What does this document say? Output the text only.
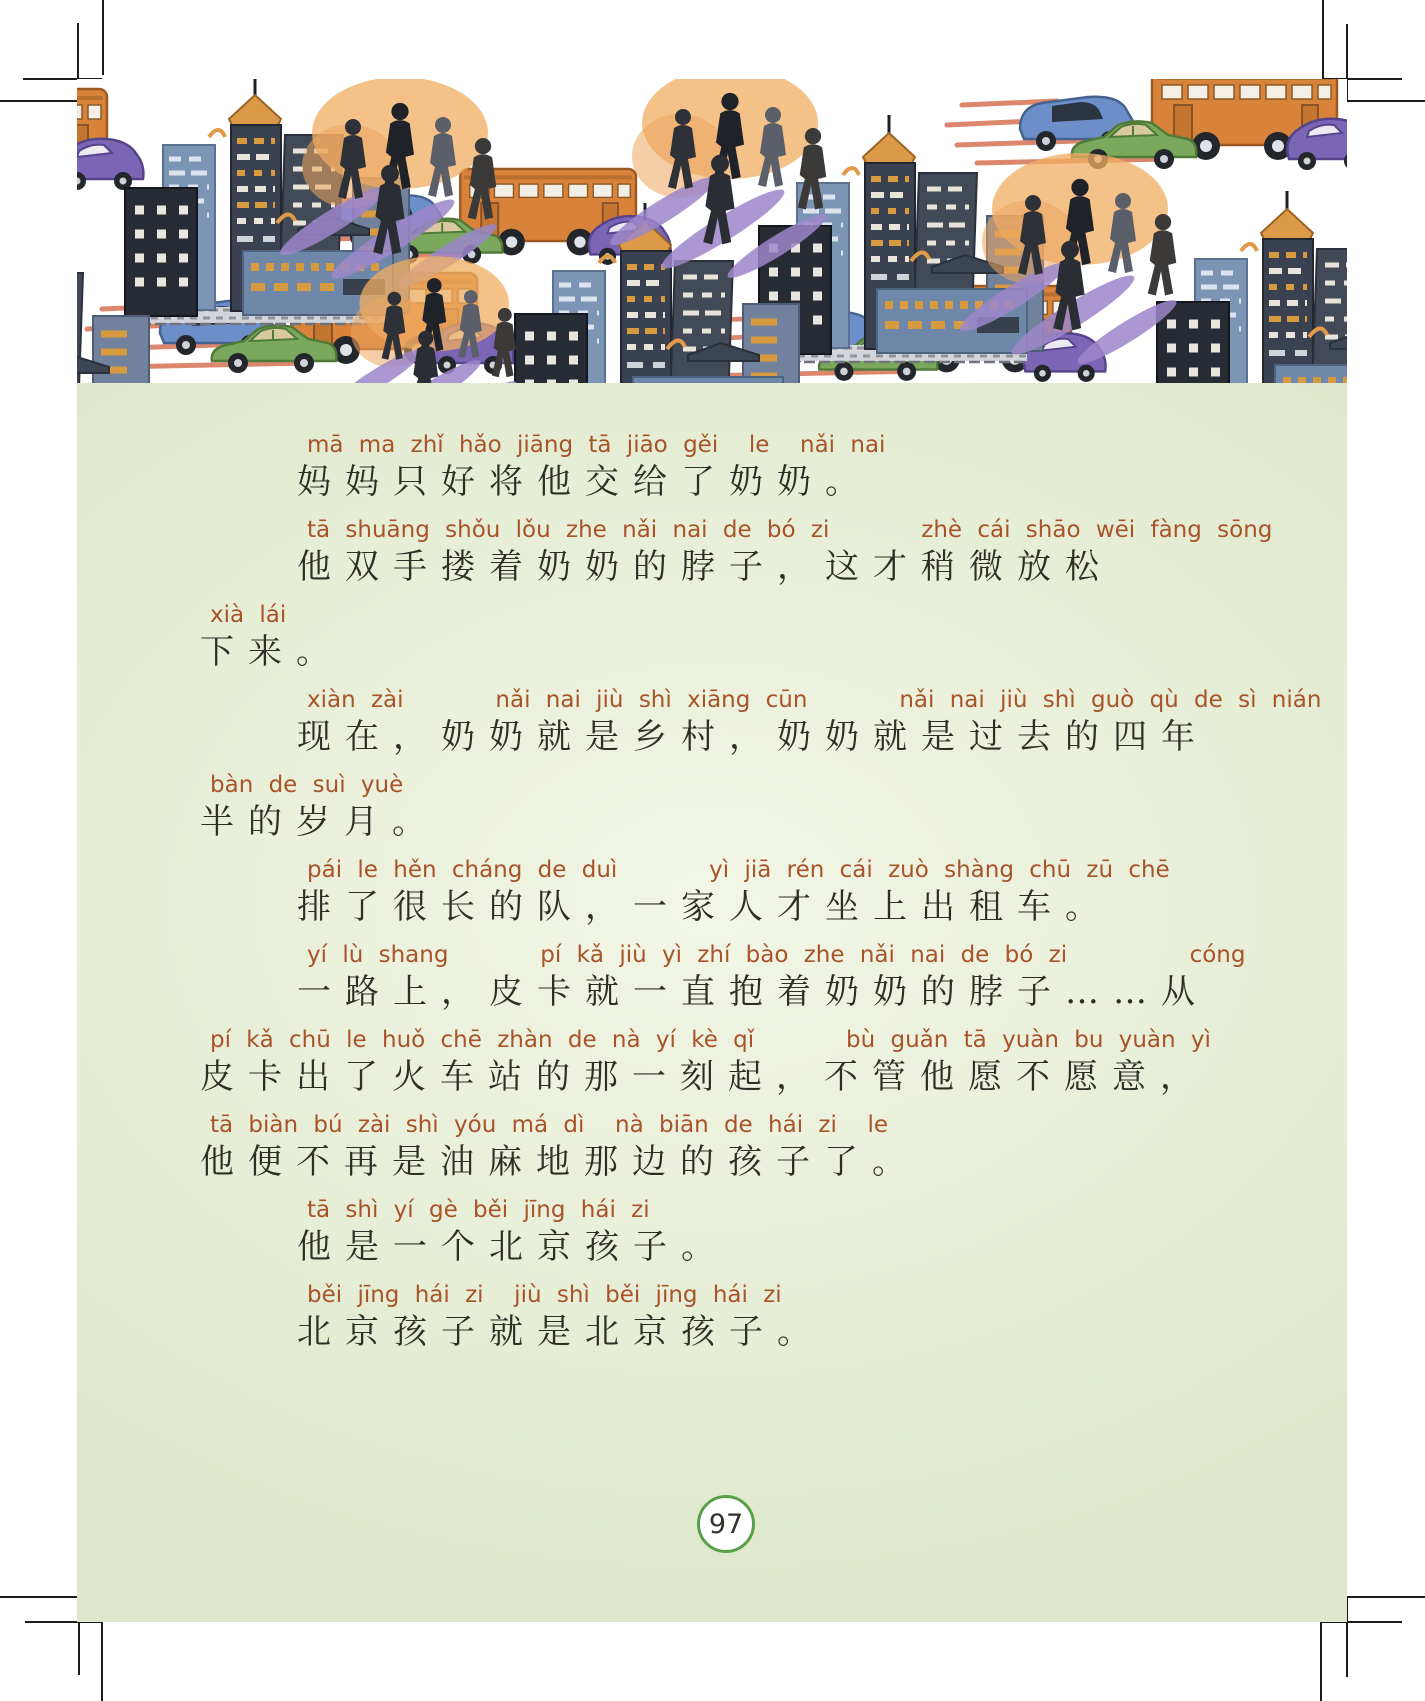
mā ma zhǐ hǎo jiāng tā jiāo gěi  le  nǎi nai
妈妈只好将他交给了奶奶。
tā shuāng shǒu lǒu zhe nǎi nai de bó zi      zhè cái shāo wēi fàng sōng
他双手搂着奶奶的脖子，这才稍微放松
xià lái
下来。
xiàn zài      nǎi nai jiù shì xiāng cūn      nǎi nai jiù shì guò qù de sì nián
现在，奶奶就是乡村，奶奶就是过去的四年
bàn de suì yuè
半的岁月。
pái le hěn cháng de duì      yì jiā rén cái zuò shàng chū zū chē
排了很长的队，一家人才坐上出租车。
yí lù shang      pí kǎ jiù yì zhí bào zhe nǎi nai de bó zi        cóng
一路上，皮卡就一直抱着奶奶的脖子……从
pí kǎ chū le huǒ chē zhàn de nà yí kè qǐ      bù guǎn tā yuàn bu yuàn yì
皮卡出了火车站的那一刻起，不管他愿不愿意，
tā biàn bú zài shì yóu má dì  nà biān de hái zi  le
他便不再是油麻地那边的孩子了。
tā shì yí gè běi jīng hái zi
他是一个北京孩子。
běi jīng hái zi  jiù shì běi jīng hái zi
北京孩子就是北京孩子。
97
